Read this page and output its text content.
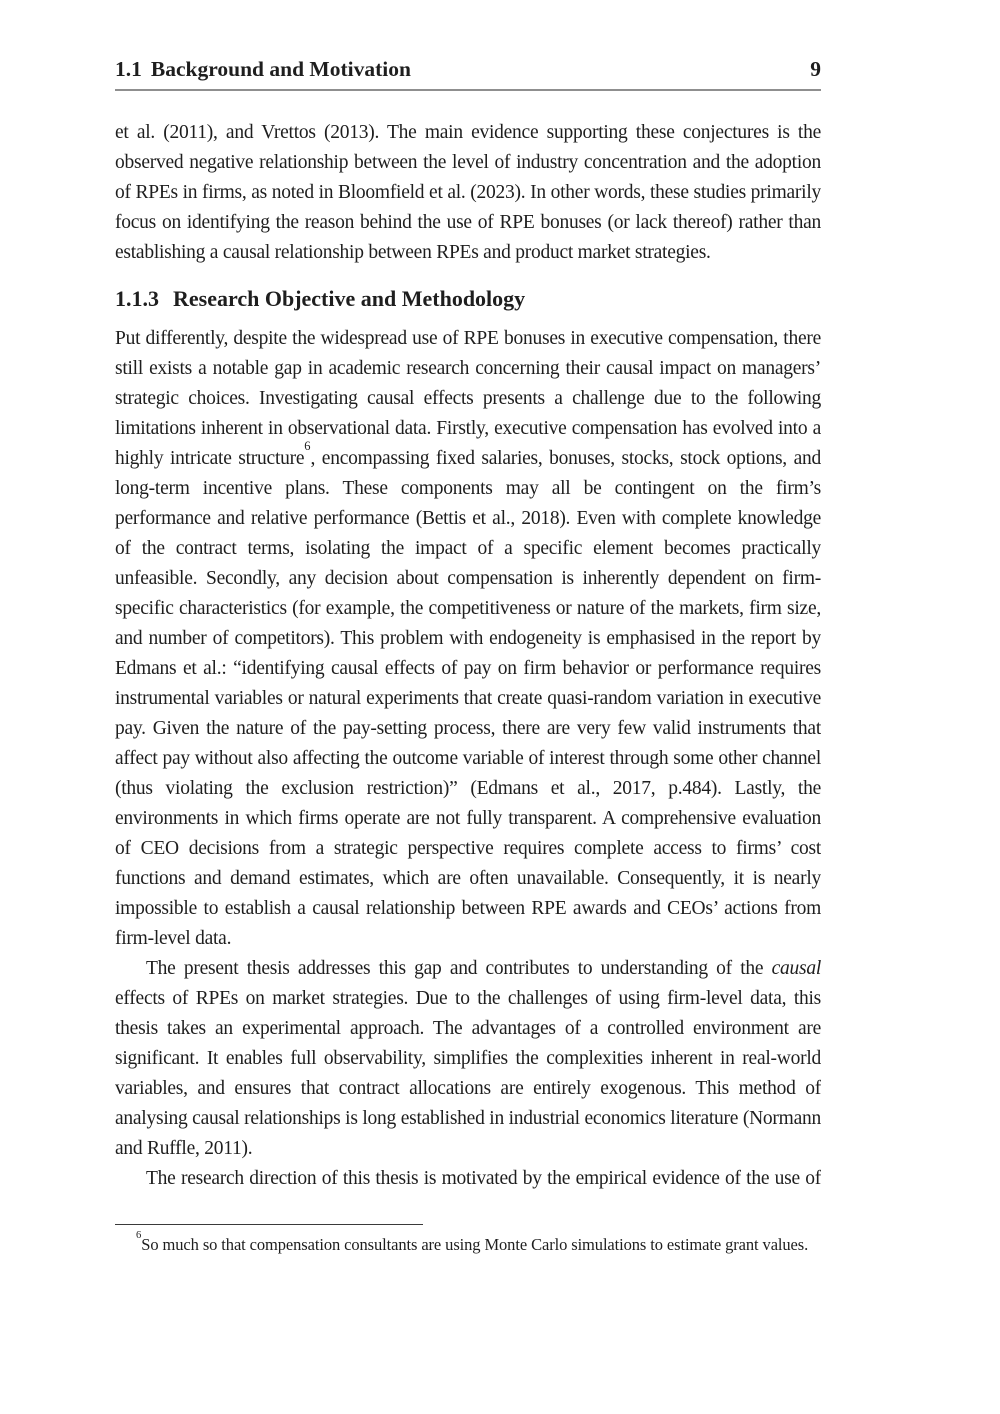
1.1 Background and Motivation	9

et al. (2011), and Vrettos (2013). The main evidence supporting these conjectures is the observed negative relationship between the level of industry concentration and the adoption of RPEs in firms, as noted in Bloomfield et al. (2023). In other words, these studies primarily focus on identifying the reason behind the use of RPE bonuses (or lack thereof) rather than establishing a causal relationship between RPEs and product market strategies.

1.1.3 Research Objective and Methodology

Put differently, despite the widespread use of RPE bonuses in executive compensation, there still exists a notable gap in academic research concerning their causal impact on managers’ strategic choices. Investigating causal effects presents a challenge due to the following limitations inherent in observational data. Firstly, executive compensation has evolved into a highly intricate structure$^6$, encompassing fixed salaries, bonuses, stocks, stock options, and long-term incentive plans. These components may all be contingent on the firm’s performance and relative performance (Bettis et al., 2018). Even with complete knowledge of the contract terms, isolating the impact of a specific element becomes practically unfeasible. Secondly, any decision about compensation is inherently dependent on firm-specific characteristics (for example, the competitiveness or nature of the markets, firm size, and number of competitors). This problem with endogeneity is emphasised in the report by Edmans et al.: “identifying causal effects of pay on firm behavior or performance requires instrumental variables or natural experiments that create quasi-random variation in executive pay. Given the nature of the pay-setting process, there are very few valid instruments that affect pay without also affecting the outcome variable of interest through some other channel (thus violating the exclusion restriction)” (Edmans et al., 2017, p.484). Lastly, the environments in which firms operate are not fully transparent. A comprehensive evaluation of CEO decisions from a strategic perspective requires complete access to firms’ cost functions and demand estimates, which are often unavailable. Consequently, it is nearly impossible to establish a causal relationship between RPE awards and CEOs’ actions from firm-level data.

The present thesis addresses this gap and contributes to understanding of the causal effects of RPEs on market strategies. Due to the challenges of using firm-level data, this thesis takes an experimental approach. The advantages of a controlled environment are significant. It enables full observability, simplifies the complexities inherent in real-world variables, and ensures that contract allocations are entirely exogenous. This method of analysing causal relationships is long established in industrial economics literature (Normann and Ruffle, 2011).

The research direction of this thesis is motivated by the empirical evidence of the use of

$^6$So much so that compensation consultants are using Monte Carlo simulations to estimate grant values.
